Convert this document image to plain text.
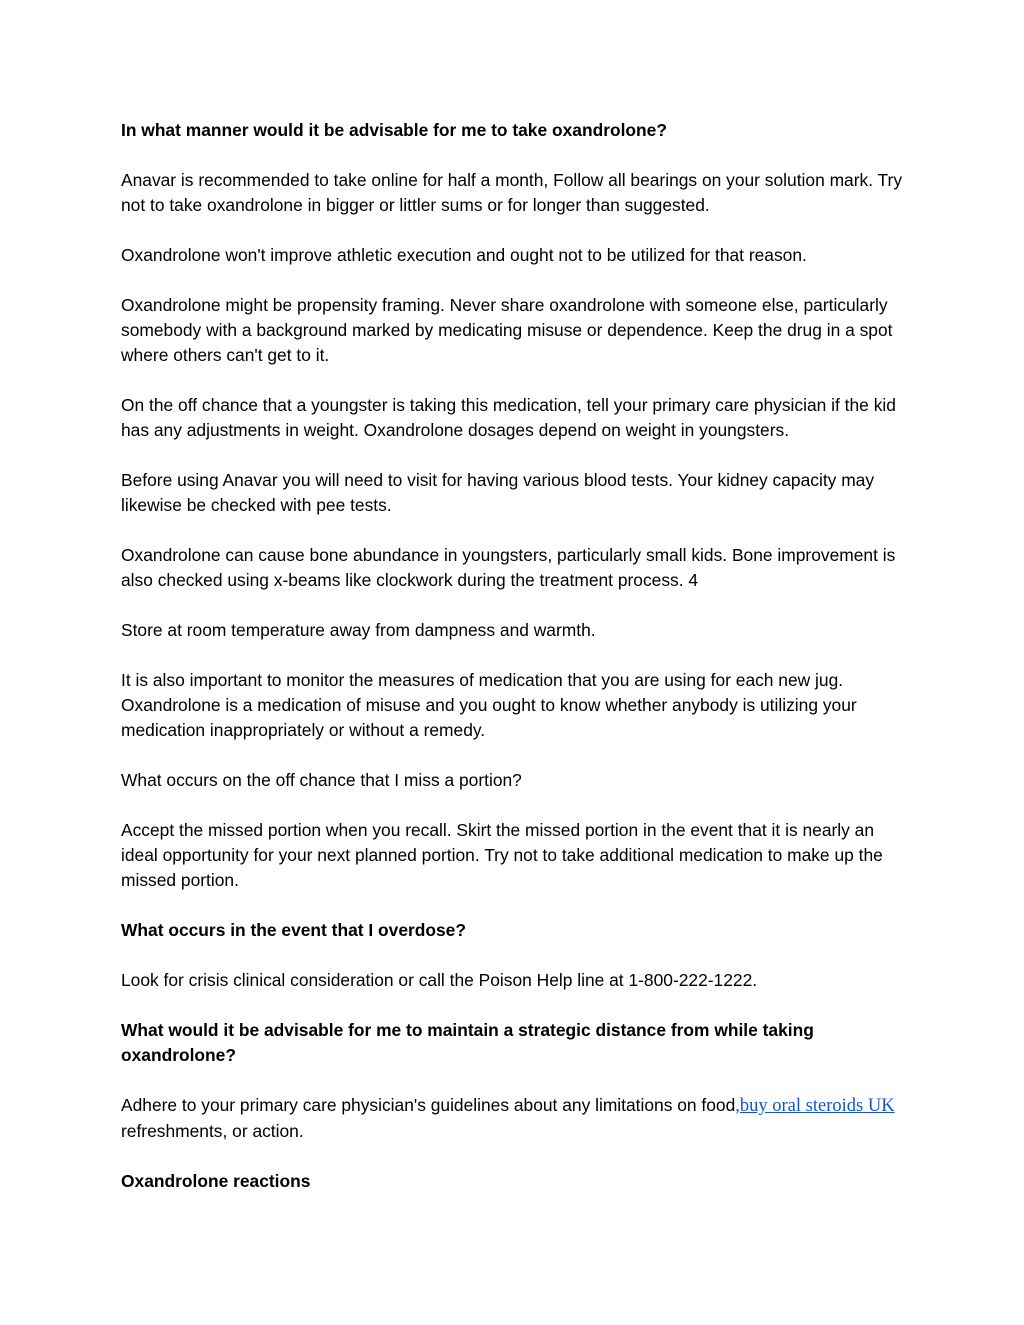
In what manner would it be advisable for me to take oxandrolone?

Anavar is recommended to take online for half a month, Follow all bearings on your solution mark. Try not to take oxandrolone in bigger or littler sums or for longer than suggested.

Oxandrolone won't improve athletic execution and ought not to be utilized for that reason.

Oxandrolone might be propensity framing. Never share oxandrolone with someone else, particularly somebody with a background marked by medicating misuse or dependence. Keep the drug in a spot where others can't get to it.

On the off chance that a youngster is taking this medication, tell your primary care physician if the kid has any adjustments in weight. Oxandrolone dosages depend on weight in youngsters.

Before using Anavar you will need to visit for having various blood tests. Your kidney capacity may likewise be checked with pee tests.

Oxandrolone can cause bone abundance in youngsters, particularly small kids. Bone improvement is also checked using x-beams like clockwork during the treatment process. 4

Store at room temperature away from dampness and warmth.

It is also important to monitor the measures of medication that you are using for each new jug. Oxandrolone is a medication of misuse and you ought to know whether anybody is utilizing your medication inappropriately or without a remedy.

What occurs on the off chance that I miss a portion?

Accept the missed portion when you recall. Skirt the missed portion in the event that it is nearly an ideal opportunity for your next planned portion. Try not to take additional medication to make up the missed portion.

What occurs in the event that I overdose?

Look for crisis clinical consideration or call the Poison Help line at 1-800-222-1222.

What would it be advisable for me to maintain a strategic distance from while taking oxandrolone?

Adhere to your primary care physician's guidelines about any limitations on food,buy oral steroids UK refreshments, or action.

Oxandrolone reactions
